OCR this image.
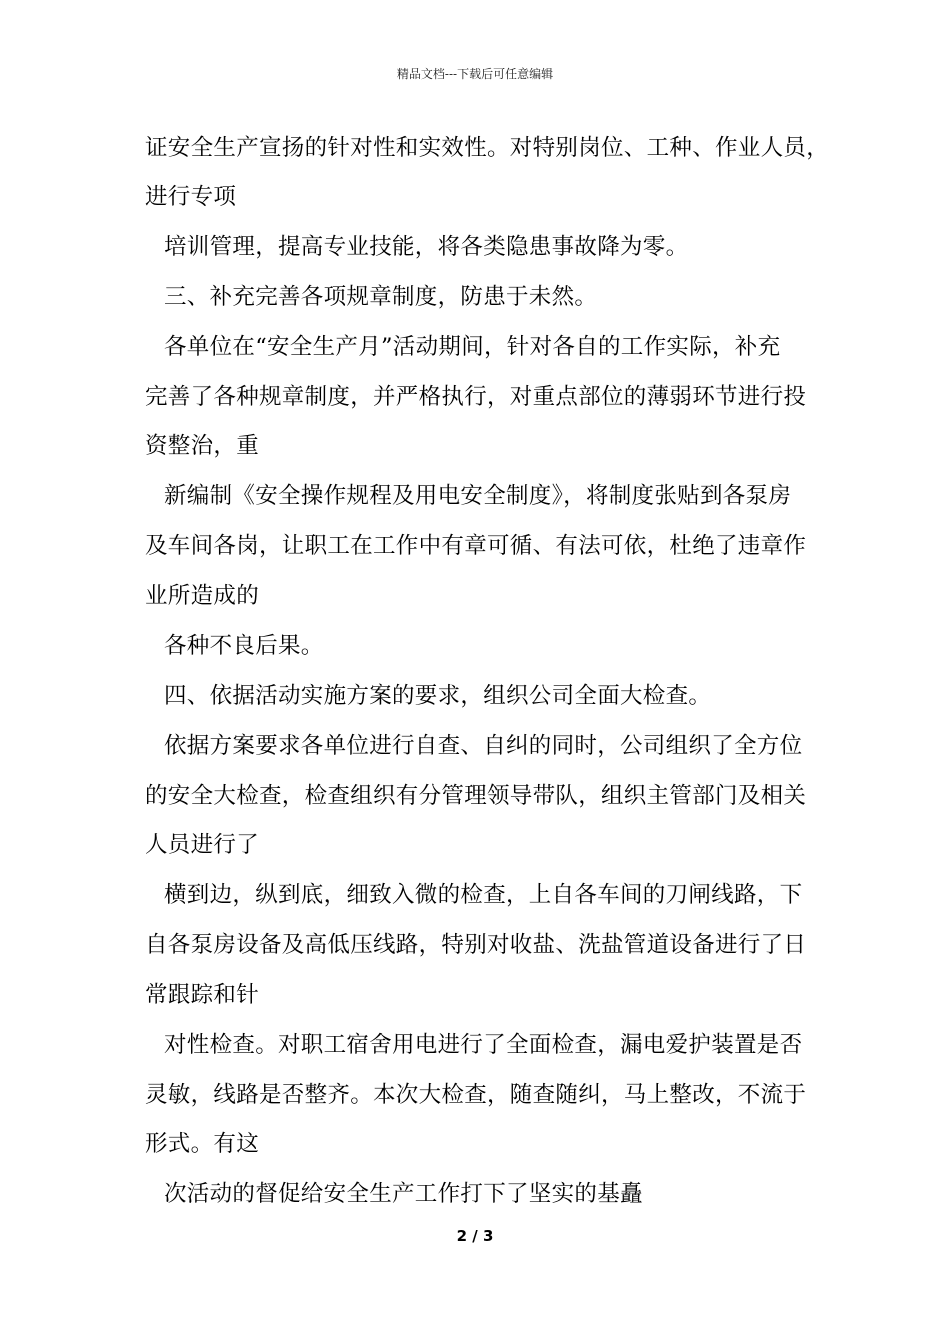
精品文档---下载后可任意编辑
证安全生产宣扬的针对性和实效性。对特别岗位、工种、作业人员，
进行专项
培训管理，提高专业技能，将各类隐患事故降为零。
三、补充完善各项规章制度，防患于未然。
各单位在“安全生产月”活动期间，针对各自的工作实际，补充
完善了各种规章制度，并严格执行，对重点部位的薄弱环节进行投
资整治，重
新编制《安全操作规程及用电安全制度》，将制度张贴到各泵房
及车间各岗，让职工在工作中有章可循、有法可依，杜绝了违章作
业所造成的
各种不良后果。
四、依据活动实施方案的要求，组织公司全面大检查。
依据方案要求各单位进行自查、自纠的同时，公司组织了全方位
的安全大检查，检查组织有分管理领导带队，组织主管部门及相关
人员进行了
横到边，纵到底，细致入微的检查，上自各车间的刀闸线路，下
自各泵房设备及高低压线路，特别对收盐、洗盐管道设备进行了日
常跟踪和针
对性检查。对职工宿舍用电进行了全面检查，漏电爱护装置是否
灵敏，线路是否整齐。本次大检查，随查随纠，马上整改，不流于
形式。有这
次活动的督促给安全生产工作打下了坚实的基矗
2 / 3
